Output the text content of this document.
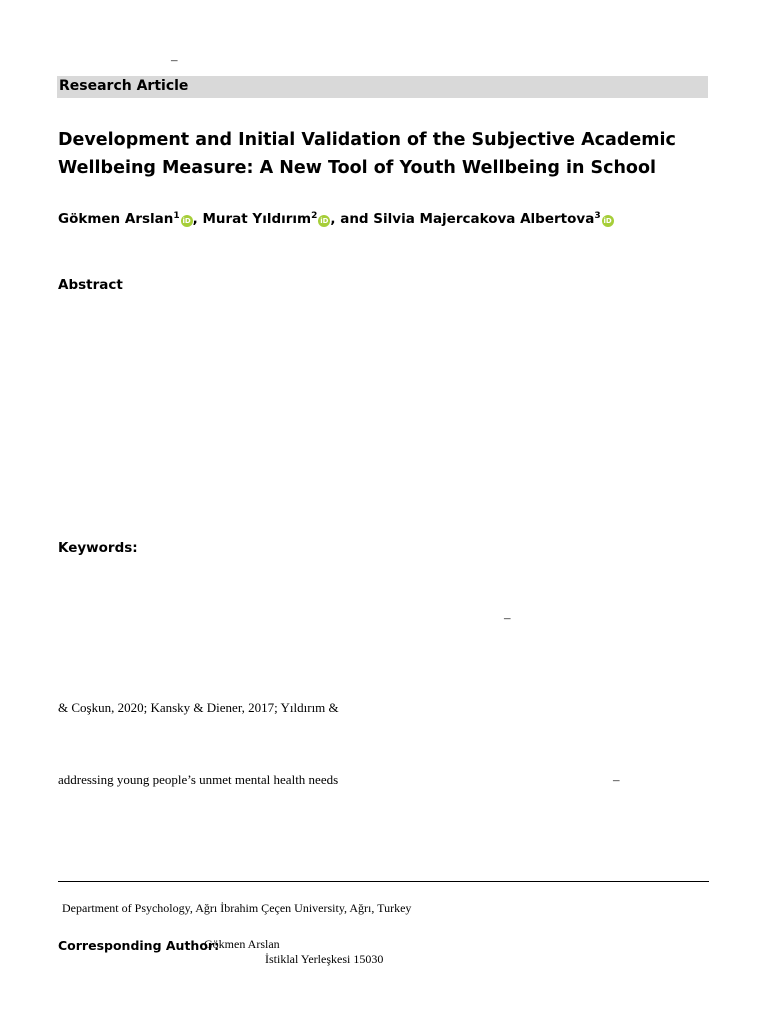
–
Research Article
Development and Initial Validation of the Subjective Academic Wellbeing Measure: A New Tool of Youth Wellbeing in School
Gökmen Arslan$^1$ iD , Murat Yıldırım$^2$ iD , and Silvia Majercakova Albertova$^3$ iD
Abstract
Keywords:
–
& Coşkun, 2020; Kansky & Diener, 2017; Yıldırım &
addressing young people’s unmet mental health needs	–
Department of Psychology, Ağrı İbrahim Çeçen University, Ağrı, Turkey
Corresponding Author:
Gökmen Arslan
İstiklal Yerleşkesi 15030
